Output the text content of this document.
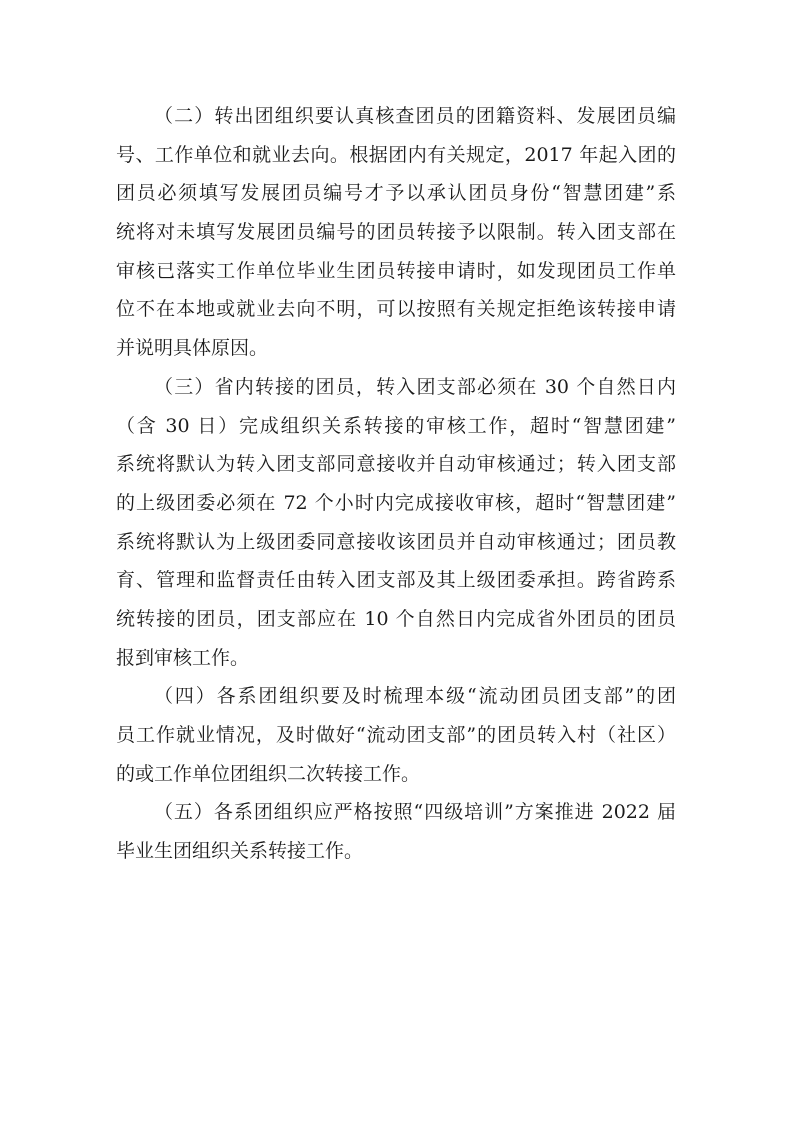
（二）转出团组织要认真核查团员的团籍资料、发展团员编
号、工作单位和就业去向。根据团内有关规定，2017 年起入团的
团员必须填写发展团员编号才予以承认团员身份“智慧团建”系
统将对未填写发展团员编号的团员转接予以限制。转入团支部在
审核已落实工作单位毕业生团员转接申请时，如发现团员工作单
位不在本地或就业去向不明，可以按照有关规定拒绝该转接申请
并说明具体原因。
（三）省内转接的团员，转入团支部必须在 30 个自然日内
（含 30 日）完成组织关系转接的审核工作，超时“智慧团建”
系统将默认为转入团支部同意接收并自动审核通过；转入团支部
的上级团委必须在 72 个小时内完成接收审核，超时“智慧团建”
系统将默认为上级团委同意接收该团员并自动审核通过；团员教
育、管理和监督责任由转入团支部及其上级团委承担。跨省跨系
统转接的团员，团支部应在 10 个自然日内完成省外团员的团员
报到审核工作。
（四）各系团组织要及时梳理本级“流动团员团支部”的团
员工作就业情况，及时做好“流动团支部”的团员转入村（社区）
的或工作单位团组织二次转接工作。
（五）各系团组织应严格按照“四级培训”方案推进 2022 届
毕业生团组织关系转接工作。
